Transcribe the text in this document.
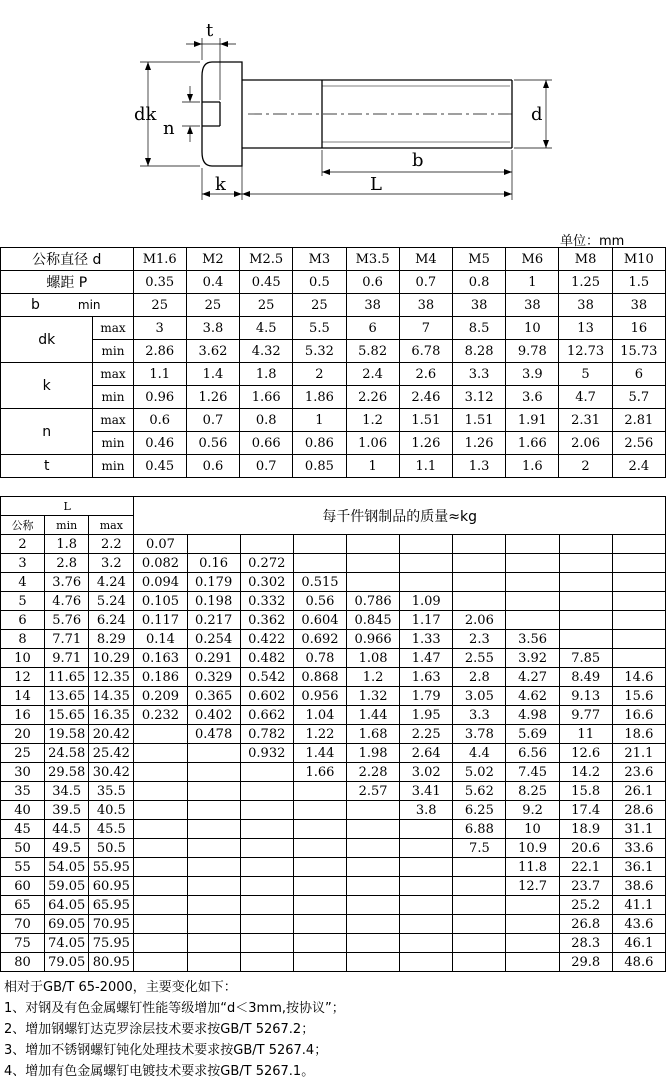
t
dk
n
d
b
k	L
单位：mm
公称直径 d		M1.6	M2	M2.5	M3	M3.5	M4	M5	M6	M8	M10
螺距 P		0.35	0.4	0.45	0.5	0.6	0.7	0.8	1	1.25	1.5
b min		25	25	25	25	38	38	38	38	38	38
dk	max	3	3.8	4.5	5.5	6	7	8.5	10	13	16
	min	2.86	3.62	4.32	5.32	5.82	6.78	8.28	9.78	12.73	15.73
k	max	1.1	1.4	1.8	2	2.4	2.6	3.3	3.9	5	6
	min	0.96	1.26	1.66	1.86	2.26	2.46	3.12	3.6	4.7	5.7
n	max	0.6	0.7	0.8	1	1.2	1.51	1.51	1.91	2.31	2.81
	min	0.46	0.56	0.66	0.86	1.06	1.26	1.26	1.66	2.06	2.56
t	min	0.45	0.6	0.7	0.85	1	1.1	1.3	1.6	2	2.4
L			每千件钢制品的质量≈kg									
公称	min	max										
2	1.8	2.2	0.07									
3	2.8	3.2	0.082	0.16	0.272							
4	3.76	4.24	0.094	0.179	0.302	0.515						
5	4.76	5.24	0.105	0.198	0.332	0.56	0.786	1.09				
6	5.76	6.24	0.117	0.217	0.362	0.604	0.845	1.17	2.06			
8	7.71	8.29	0.14	0.254	0.422	0.692	0.966	1.33	2.3	3.56		
10	9.71	10.29	0.163	0.291	0.482	0.78	1.08	1.47	2.55	3.92	7.85	
12	11.65	12.35	0.186	0.329	0.542	0.868	1.2	1.63	2.8	4.27	8.49	14.6
14	13.65	14.35	0.209	0.365	0.602	0.956	1.32	1.79	3.05	4.62	9.13	15.6
16	15.65	16.35	0.232	0.402	0.662	1.04	1.44	1.95	3.3	4.98	9.77	16.6
20	19.58	20.42		0.478	0.782	1.22	1.68	2.25	3.78	5.69	11	18.6
25	24.58	25.42			0.932	1.44	1.98	2.64	4.4	6.56	12.6	21.1
30	29.58	30.42				1.66	2.28	3.02	5.02	7.45	14.2	23.6
35	34.5	35.5					2.57	3.41	5.62	8.25	15.8	26.1
40	39.5	40.5						3.8	6.25	9.2	17.4	28.6
45	44.5	45.5							6.88	10	18.9	31.1
50	49.5	50.5							7.5	10.9	20.6	33.6
55	54.05	55.95								11.8	22.1	36.1
60	59.05	60.95								12.7	23.7	38.6
65	64.05	65.95									25.2	41.1
70	69.05	70.95									26.8	43.6
75	74.05	75.95									28.3	46.1
80	79.05	80.95									29.8	48.6
相对于GB/T 65-2000，主要变化如下：
1、对钢及有色金属螺钉性能等级增加“d＜3mm,按协议”；
2、增加钢螺钉达克罗涂层技术要求按GB/T 5267.2；
3、增加不锈钢螺钉钝化处理技术要求按GB/T 5267.4；
4、增加有色金属螺钉电镀技术要求按GB/T 5267.1。
